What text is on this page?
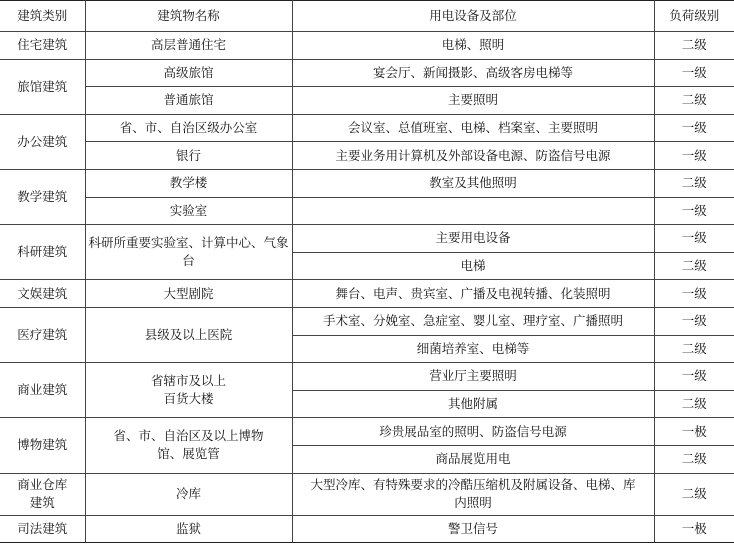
建筑类别	建筑物名称	用电设备及部位	负荷级别
住宅建筑	高层普通住宅	电梯、照明	二级
旅馆建筑	高级旅馆	宴会厅、新闻摄影、高级客房电梯等	一级
	普通旅馆	主要照明	二级
办公建筑	省、市、自治区级办公室	会议室、总值班室、电梯、档案室、主要照明	一级
	银行	主要业务用计算机及外部设备电源、防盗信号电源	一级
教学建筑	教学楼	教室及其他照明	二级
	实验室		一级
科研建筑	科研所重要实验室、计算中心、气象台	主要用电设备	一级
		电梯	二级
文娱建筑	大型剧院	舞台、电声、贵宾室、广播及电视转播、化装照明	一级
医疗建筑	县级及以上医院	手术室、分娩室、急症室、婴儿室、理疗室、广播照明	一级
		细菌培养室、电梯等	二级
商业建筑	省辖市及以上百货大楼	营业厅主要照明	一级
		其他附属	二级
博物建筑	省、市、自治区及以上博物馆、展览管	珍贵展品室的照明、防盗信号电源	一极
		商品展览用电	二级
商业仓库建筑	冷库	大型冷库、有特殊要求的冷酷压缩机及附属设备、电梯、库内照明	二级
司法建筑	监狱	警卫信号	一极
